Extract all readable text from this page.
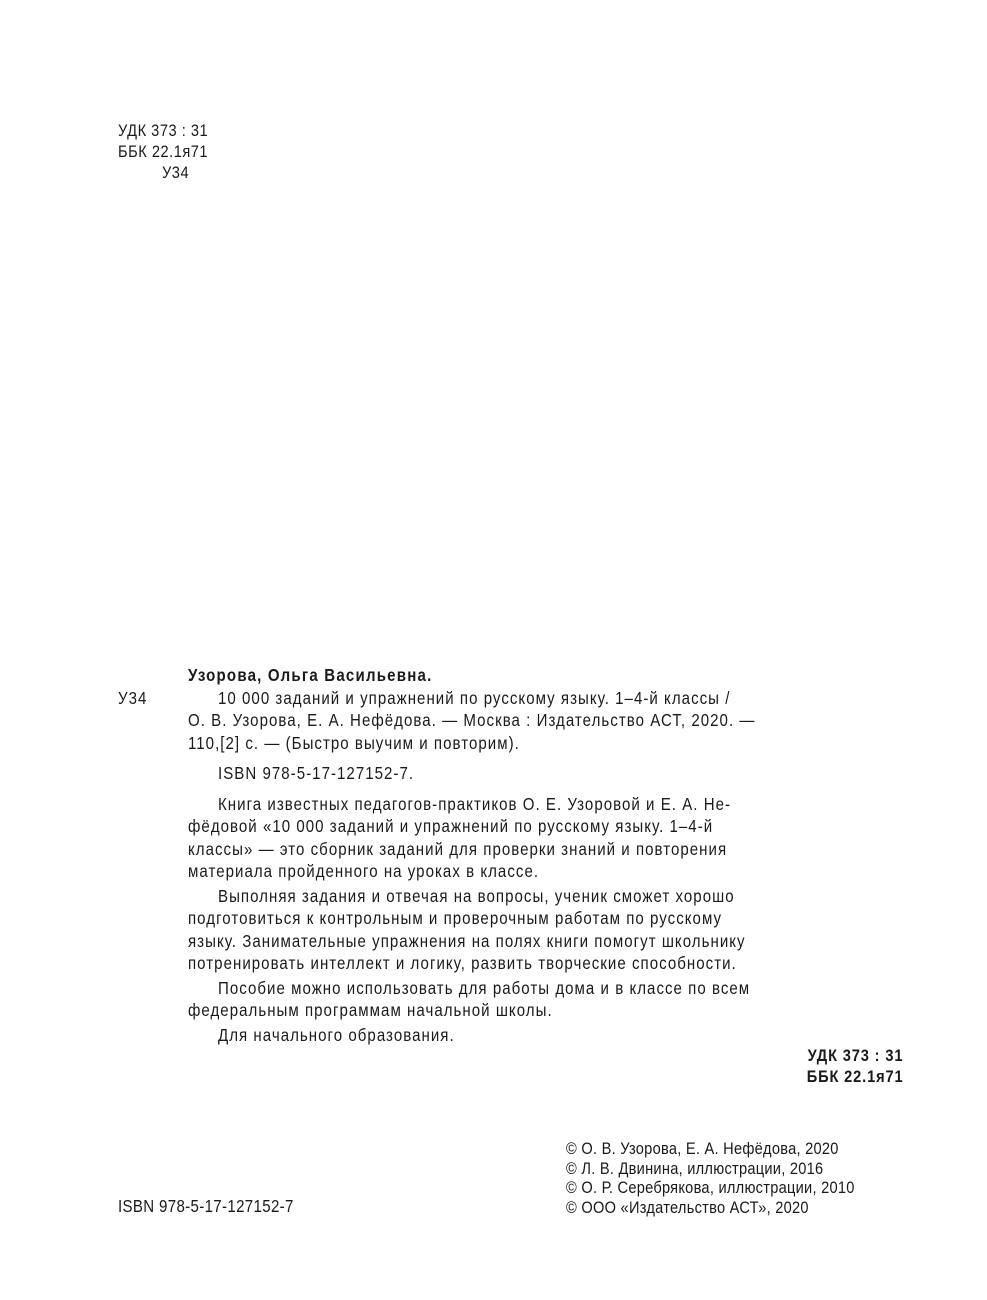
УДК 373 : 31
ББК 22.1я71
У34
Узорова, Ольга Васильевна.
У34	10 000 заданий и упражнений по русскому языку. 1–4-й классы /
О. В. Узорова, Е. А. Нефёдова. — Москва : Издательство АСТ, 2020. —
110,[2] с. — (Быстро выучим и повторим).
ISBN 978-5-17-127152-7.
Книга известных педагогов-практиков О. Е. Узоровой и Е. А. Не-
фёдовой «10 000 заданий и упражнений по русскому языку. 1–4-й
классы» — это сборник заданий для проверки знаний и повторения
материала пройденного на уроках в классе.
Выполняя задания и отвечая на вопросы, ученик сможет хорошо
подготовиться к контрольным и проверочным работам по русскому
языку. Занимательные упражнения на полях книги помогут школьнику
потренировать интеллект и логику, развить творческие способности.
Пособие можно использовать для работы дома и в классе по всем
федеральным программам начальной школы.
Для начального образования.
УДК 373 : 31
ББК 22.1я71
ISBN 978-5-17-127152-7
© О. В. Узорова, Е. А. Нефёдова, 2020
© Л. В. Двинина, иллюстрации, 2016
© О. Р. Серебрякова, иллюстрации, 2010
© ООО «Издательство АСТ», 2020
